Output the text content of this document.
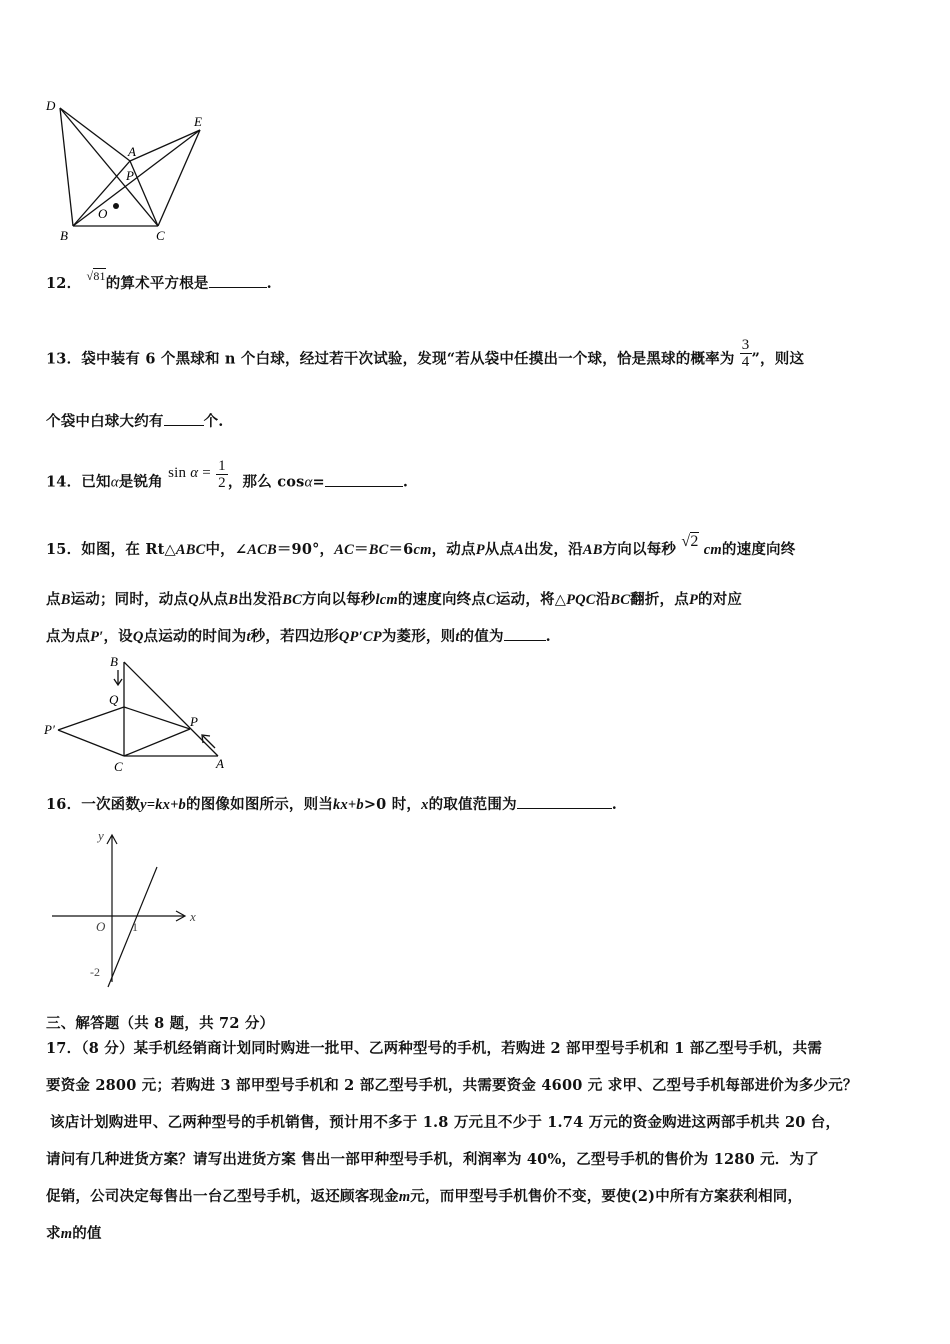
D
E
A
P
O
B	C
12． $^{√81}$的算术平方根是	.
13．袋中装有 6 个黑球和 n 个白球，经过若干次试验，发现“若从袋中任摸出一个球，恰是黑球的概率为 $\frac{3}{4}$ ”，则这
个袋中白球大约有	个.
14．已知α是锐角 $\sin \alpha = \frac{1}{2}$ ，那么 cosα=	.
15．如图，在 Rt△ABC中，∠ACB＝90°，AC＝BC＝6cm，动点P从点A出发，沿AB方向以每秒 √2 cm的速度向终
点B运动；同时，动点Q从点B出发沿BC方向以每秒lcm的速度向终点C运动，将△PQC沿BC翻折，点P的对应
点为点P′，设Q点运动的时间为t秒，若四边形QP′CP为菱形，则t的值为	.
B
Q
P
P′
C	A
16．一次函数y=kx+b的图像如图所示，则当kx+b>0 时，x的取值范围为	.
y
x
O 1
-2
三、解答题（共 8 题，共 72 分）
17．（8 分）某手机经销商计划同时购进一批甲、乙两种型号的手机，若购进 2 部甲型号手机和 1 部乙型号手机，共需
要资金 2800 元；若购进 3 部甲型号手机和 2 部乙型号手机，共需要资金 4600 元 求甲、乙型号手机每部进价为多少元？
该店计划购进甲、乙两种型号的手机销售，预计用不多于 1.8 万元且不少于 1.74 万元的资金购进这两部手机共 20 台，
请问有几种进货方案？请写出进货方案 售出一部甲种型号手机，利润率为 40%，乙型号手机的售价为 1280 元．为了
促销，公司决定每售出一台乙型号手机，返还顾客现金m元，而甲型号手机售价不变，要使(2)中所有方案获利相同，
求m的值
